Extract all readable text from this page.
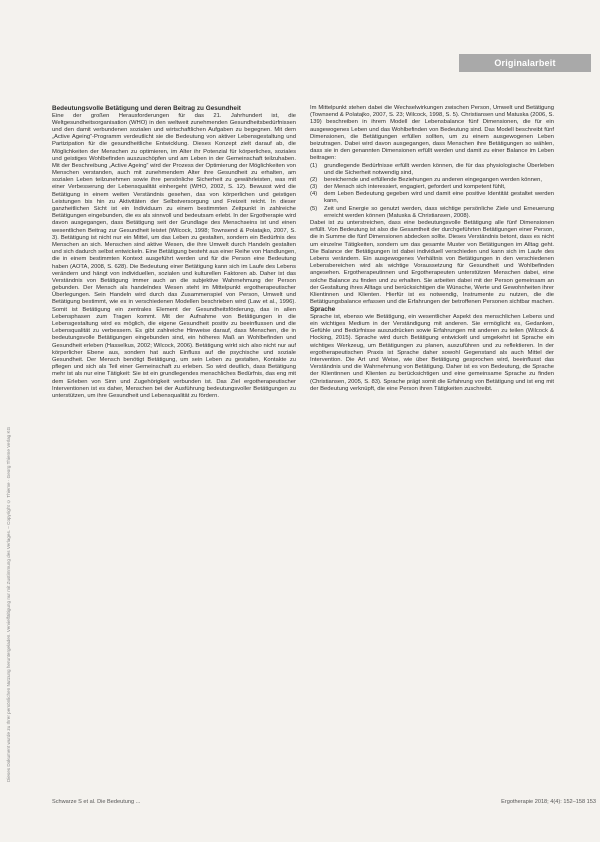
Originalarbeit
Dieses Dokument wurde zu Ihrer persönlichen Nutzung heruntergeladen. Vervielfältigung nur mit Zustimmung des Verlages. – Copyright © Thieme · Georg Thieme Verlag KG

Bedeutungsvolle Betätigung und deren Beitrag zu Gesundheit

Eine der großen Herausforderungen für das 21. Jahrhundert ist, die Weltgesundheitsorganisation (WHO) in den weltweit zunehmenden Gesundheitsbedürfnissen und den damit verbundenen sozialen und wirtschaftlichen Aufgaben zu begegnen. Mit dem „Active Ageing“-Programm verdeutlicht sie die Bedeutung von aktiver Lebensgestaltung und Partizipation für die gesundheitliche Entwicklung. Dieses Konzept zielt darauf ab, die Möglichkeiten der Menschen zu optimieren, im Alter ihr Potenzial für körperliches, soziales und geistiges Wohlbefinden auszuschöpfen und am Leben in der Gemeinschaft teilzuhaben. Mit der Beschreibung „Active Ageing“ wird der Prozess der Optimierung der Möglichkeiten von Menschen verstanden, auch mit zunehmendem Alter ihre Gesundheit zu erhalten, am sozialen Leben teilzunehmen sowie ihre persönliche Sicherheit zu gewährleisten, was mit einer Verbesserung der Lebensqualität einhergeht (WHO, 2002, S. 12). Bewusst wird die Betätigung in einem weiten Verständnis gesehen, das von körperlichen und geistigen Leistungen bis hin zu Aktivitäten der Selbstversorgung und Freizeit reicht. In dieser ganzheitlichen Sicht ist ein Individuum zu einem bestimmten Zeitpunkt in zahlreiche Betätigungen eingebunden, die es als sinnvoll und bedeutsam erlebt. In der Ergotherapie wird davon ausgegangen, dass Betätigung seit der Grundlage des Menschseins ist und einen wesentlichen Beitrag zur Gesundheit leistet (Wilcock, 1998; Townsend & Polatajko, 2007, S. 3). Betätigung ist nicht nur ein Mittel, um das Leben zu gestalten, sondern ein Bedürfnis des Menschen an sich. Menschen sind aktive Wesen, die ihre Umwelt durch Handeln gestalten und sich dadurch selbst entwickeln. Eine Betätigung besteht aus einer Reihe von Handlungen, die in einem bestimmten Kontext ausgeführt werden und für die Person eine Bedeutung haben (AOTA, 2008, S. 628). Die Bedeutung einer Betätigung kann sich im Laufe des Lebens verändern und hängt von individuellen, sozialen und kulturellen Faktoren ab. Daher ist das Verständnis von Betätigung immer auch an die subjektive Wahrnehmung der Person gebunden. Der Mensch als handelndes Wesen steht im Mittelpunkt ergotherapeutischer Überlegungen. Sein Handeln wird durch das Zusammenspiel von Person, Umwelt und Betätigung bestimmt, wie es in verschiedenen Modellen beschrieben wird (Law et al., 1996). Somit ist Betätigung ein zentrales Element der Gesundheitsförderung, das in allen Lebensphasen zum Tragen kommt. Mit der Aufnahme von Betätigungen in die Lebensgestaltung wird es möglich, die eigene Gesundheit positiv zu beeinflussen und die Lebensqualität zu verbessern. Es gibt zahlreiche Hinweise darauf, dass Menschen, die in bedeutungsvolle Betätigungen eingebunden sind, ein höheres Maß an Wohlbefinden und Gesundheit erleben (Hasselkus, 2002; Wilcock, 2006). Betätigung wirkt sich also nicht nur auf körperlicher Ebene aus, sondern hat auch Einfluss auf die psychische und soziale Gesundheit. Der Mensch benötigt Betätigung, um sein Leben zu gestalten, Kontakte zu pflegen und sich als Teil einer Gemeinschaft zu erleben. So wird deutlich, dass Betätigung mehr ist als nur eine Tätigkeit: Sie ist ein grundlegendes menschliches Bedürfnis, das eng mit dem Erleben von Sinn und Zugehörigkeit verbunden ist. Das Ziel ergotherapeutischer Interventionen ist es daher, Menschen bei der Ausführung bedeutungsvoller Betätigungen zu unterstützen, um ihre Gesundheit und Lebensqualität zu fördern.

Im Mittelpunkt stehen dabei die Wechselwirkungen zwischen Person, Umwelt und Betätigung (Townsend & Polatajko, 2007, S. 23; Wilcock, 1998, S. 5). Christiansen und Matuska (2006, S. 139) beschreiben in ihrem Modell der Lebensbalance fünf Dimensionen, die für ein ausgewogenes Leben und das Wohlbefinden von Bedeutung sind. Das Modell beschreibt fünf Dimensionen, die Betätigungen erfüllen sollten, um zu einem ausgewogenen Leben beizutragen. Dabei wird davon ausgegangen, dass Menschen ihre Betätigungen so wählen, dass sie in den genannten Dimensionen erfüllt werden und damit zu einer Balance im Leben beitragen:

(1) grundlegende Bedürfnisse erfüllt werden können, die für das physiologische Überleben und die Sicherheit notwendig sind,
(2) bereichernde und erfüllende Beziehungen zu anderen eingegangen werden können,
(3) der Mensch sich interessiert, engagiert, gefordert und kompetent fühlt,
(4) dem Leben Bedeutung gegeben wird und damit eine positive Identität gestaltet werden kann,
(5) Zeit und Energie so genutzt werden, dass wichtige persönliche Ziele und Erneuerung erreicht werden können (Matuska & Christiansen, 2008).

Dabei ist zu unterstreichen, dass eine bedeutungsvolle Betätigung alle fünf Dimensionen erfüllt. Von Bedeutung ist also die Gesamtheit der durchgeführten Betätigungen einer Person, die in Summe die fünf Dimensionen abdecken sollte. Dieses Verständnis betont, dass es nicht um einzelne Tätigkeiten, sondern um das gesamte Muster von Betätigungen im Alltag geht. Die Balance der Betätigungen ist dabei individuell verschieden und kann sich im Laufe des Lebens verändern. Ein ausgewogenes Verhältnis von Betätigungen in den verschiedenen Lebensbereichen wird als wichtige Voraussetzung für Gesundheit und Wohlbefinden angesehen. Ergotherapeutinnen und Ergotherapeuten unterstützen Menschen dabei, eine solche Balance zu finden und zu erhalten. Sie arbeiten dabei mit der Person gemeinsam an der Gestaltung ihres Alltags und berücksichtigen die Wünsche, Werte und Gewohnheiten ihrer Klientinnen und Klienten. Hierfür ist es notwendig, Instrumente zu nutzen, die die Betätigungsbalance erfassen und die Erfahrungen der betroffenen Personen sichtbar machen.

Sprache

Sprache ist, ebenso wie Betätigung, ein wesentlicher Aspekt des menschlichen Lebens und ein wichtiges Medium in der Verständigung mit anderen. Sie ermöglicht es, Gedanken, Gefühle und Bedürfnisse auszudrücken sowie Erfahrungen mit anderen zu teilen (Wilcock & Hocking, 2015). Sprache wird durch Betätigung entwickelt und umgekehrt ist Sprache ein wichtiges Werkzeug, um Betätigungen zu planen, auszuführen und zu reflektieren. In der ergotherapeutischen Praxis ist Sprache daher sowohl Gegenstand als auch Mittel der Intervention. Die Art und Weise, wie über Betätigung gesprochen wird, beeinflusst das Verständnis und die Wahrnehmung von Betätigung. Daher ist es von Bedeutung, die Sprache der Klientinnen und Klienten zu berücksichtigen und eine gemeinsame Sprache zu finden (Christiansen, 2005, S. 83). Sprache prägt somit die Erfahrung von Betätigung und ist eng mit der Bedeutung verknüpft, die eine Person ihren Tätigkeiten zuschreibt.

Schwarze S et al. Die Bedeutung ...	Ergotherapie 2018; 4(4): 152–158 153
